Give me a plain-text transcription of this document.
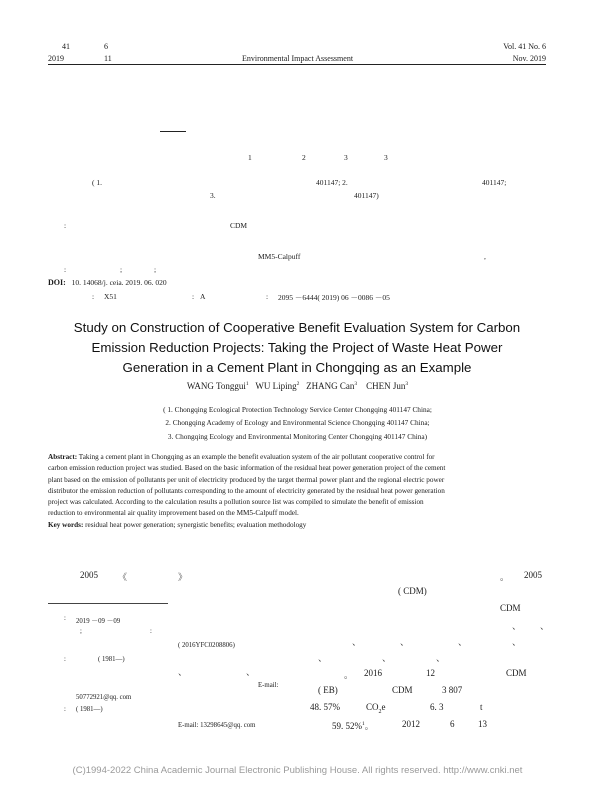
41	6
2019	11	Environmental Impact Assessment
Vol. 41 No. 6
Nov. 2019
1	2	3	3
( 1.	401147; 2.	401147;
3.	401147)
:	CDM
MM5-Calpuff	,
:	;	;
DOI: 10. 14068/j. ceia. 2019. 06. 020
: X51	: A	: 2095 －6444( 2019) 06 －0086 －05
Study on Construction of Cooperative Benefit Evaluation System for Carbon
Emission Reduction Projects: Taking the Project of Waste Heat Power
Generation in a Cement Plant in Chongqing as an Example
WANG Tonggui$^1$ WU Liping$^2$ ZHANG Can$^3$ CHEN Jun$^3$
( 1. Chongqing Ecological Protection Technology Service Center Chongqing 401147 China;
2. Chongqing Academy of Ecology and Environmental Science Chongqing 401147 China;
3. Chongqing Ecology and Environmental Monitoring Center Chongqing 401147 China)
Abstract: Taking a cement plant in Chongqing as an example the benefit evaluation system of the air pollutant cooperative control for
carbon emission reduction project was studied. Based on the basic information of the residual heat power generation project of the cement
plant based on the emission of pollutants per unit of electricity produced by the target thermal power plant and the regional electric power
distributor the emission reduction of pollutants corresponding to the amount of electricity generated by the residual heat power generation
project was calculated. According to the calculation results a pollution source list was compiled to simulate the benefit of emission
reduction to environmental air quality improvement based on the MM5-Calpuff model.
Key words: residual heat power generation; synergistic benefits; evaluation methodology
2005 《	》	。 2005
( CDM)
CDM
、 、
、	、	、	、
、	、	、
、	、	。 2016	12	CDM
( EB)	CDM	3 807
48. 57%	$CO_2e$	6. 3	t
59. 52%$^1$。	2012	6	13
: 2019 －09 －09
;	:
( 2016YFC0208806)
:	( 1981—)
E-mail:
50772921@qq. com
: ( 1981—)
E-mail: 13298645@qq. com
(C)1994-2022 China Academic Journal Electronic Publishing House. All rights reserved. http://www.cnki.net
